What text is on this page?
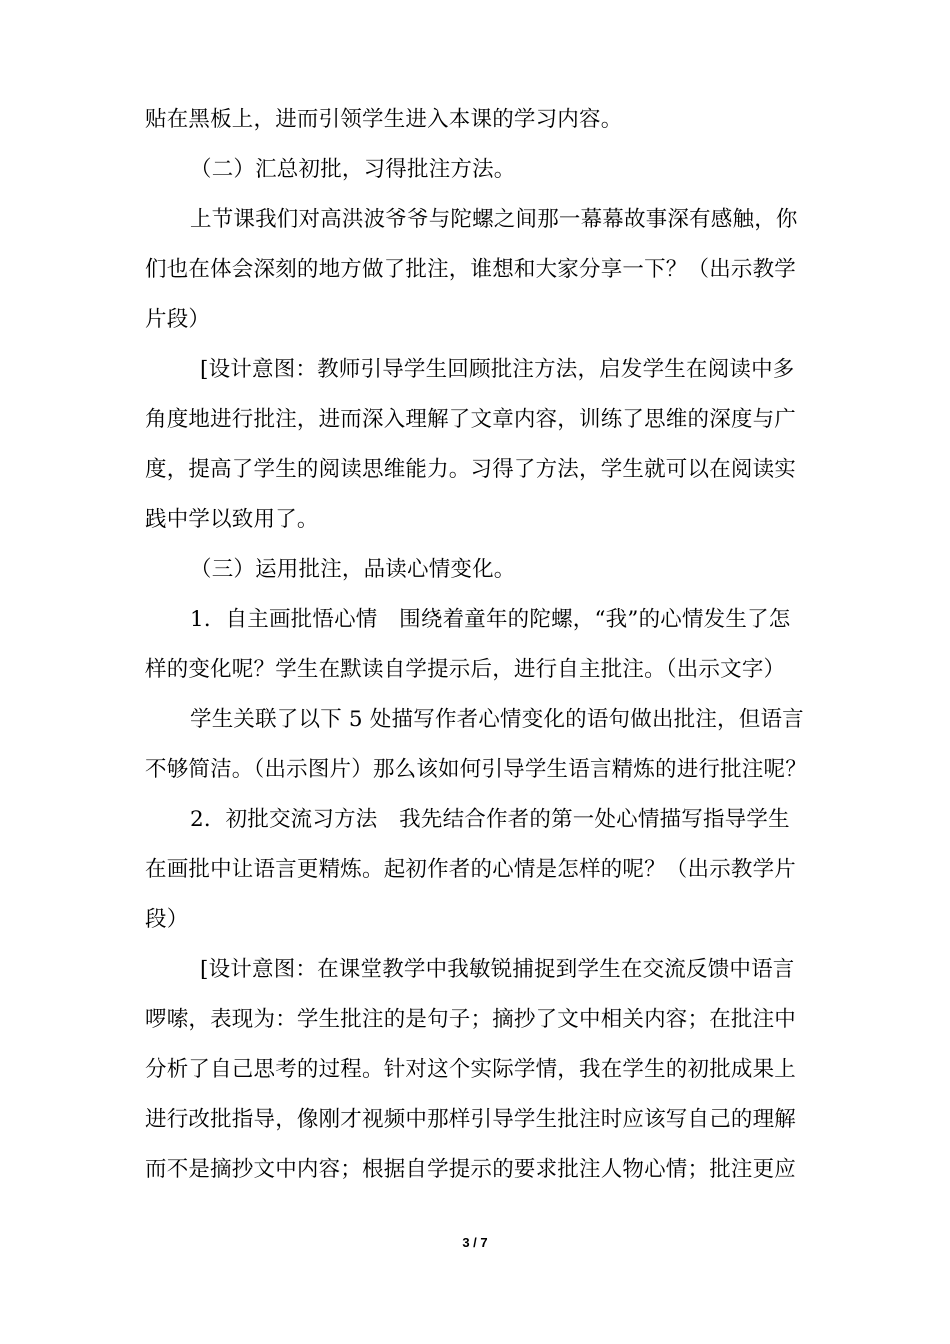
贴在黑板上，进而引领学生进入本课的学习内容。
（二）汇总初批，习得批注方法。
上节课我们对高洪波爷爷与陀螺之间那一幕幕故事深有感触，你
们也在体会深刻的地方做了批注，谁想和大家分享一下？（出示教学
片段）
[设计意图：教师引导学生回顾批注方法，启发学生在阅读中多
角度地进行批注，进而深入理解了文章内容，训练了思维的深度与广
度，提高了学生的阅读思维能力。习得了方法，学生就可以在阅读实
践中学以致用了。
（三）运用批注，品读心情变化。
1．自主画批悟心情　围绕着童年的陀螺，“我”的心情发生了怎
样的变化呢？学生在默读自学提示后，进行自主批注。（出示文字）
学生关联了以下 5 处描写作者心情变化的语句做出批注，但语言
不够简洁。（出示图片）那么该如何引导学生语言精炼的进行批注呢？
2．初批交流习方法　我先结合作者的第一处心情描写指导学生
在画批中让语言更精炼。起初作者的心情是怎样的呢？（出示教学片
段）
[设计意图：在课堂教学中我敏锐捕捉到学生在交流反馈中语言
啰嗦，表现为：学生批注的是句子；摘抄了文中相关内容；在批注中
分析了自己思考的过程。针对这个实际学情，我在学生的初批成果上
进行改批指导，像刚才视频中那样引导学生批注时应该写自己的理解
而不是摘抄文中内容；根据自学提示的要求批注人物心情；批注更应
3 / 7
